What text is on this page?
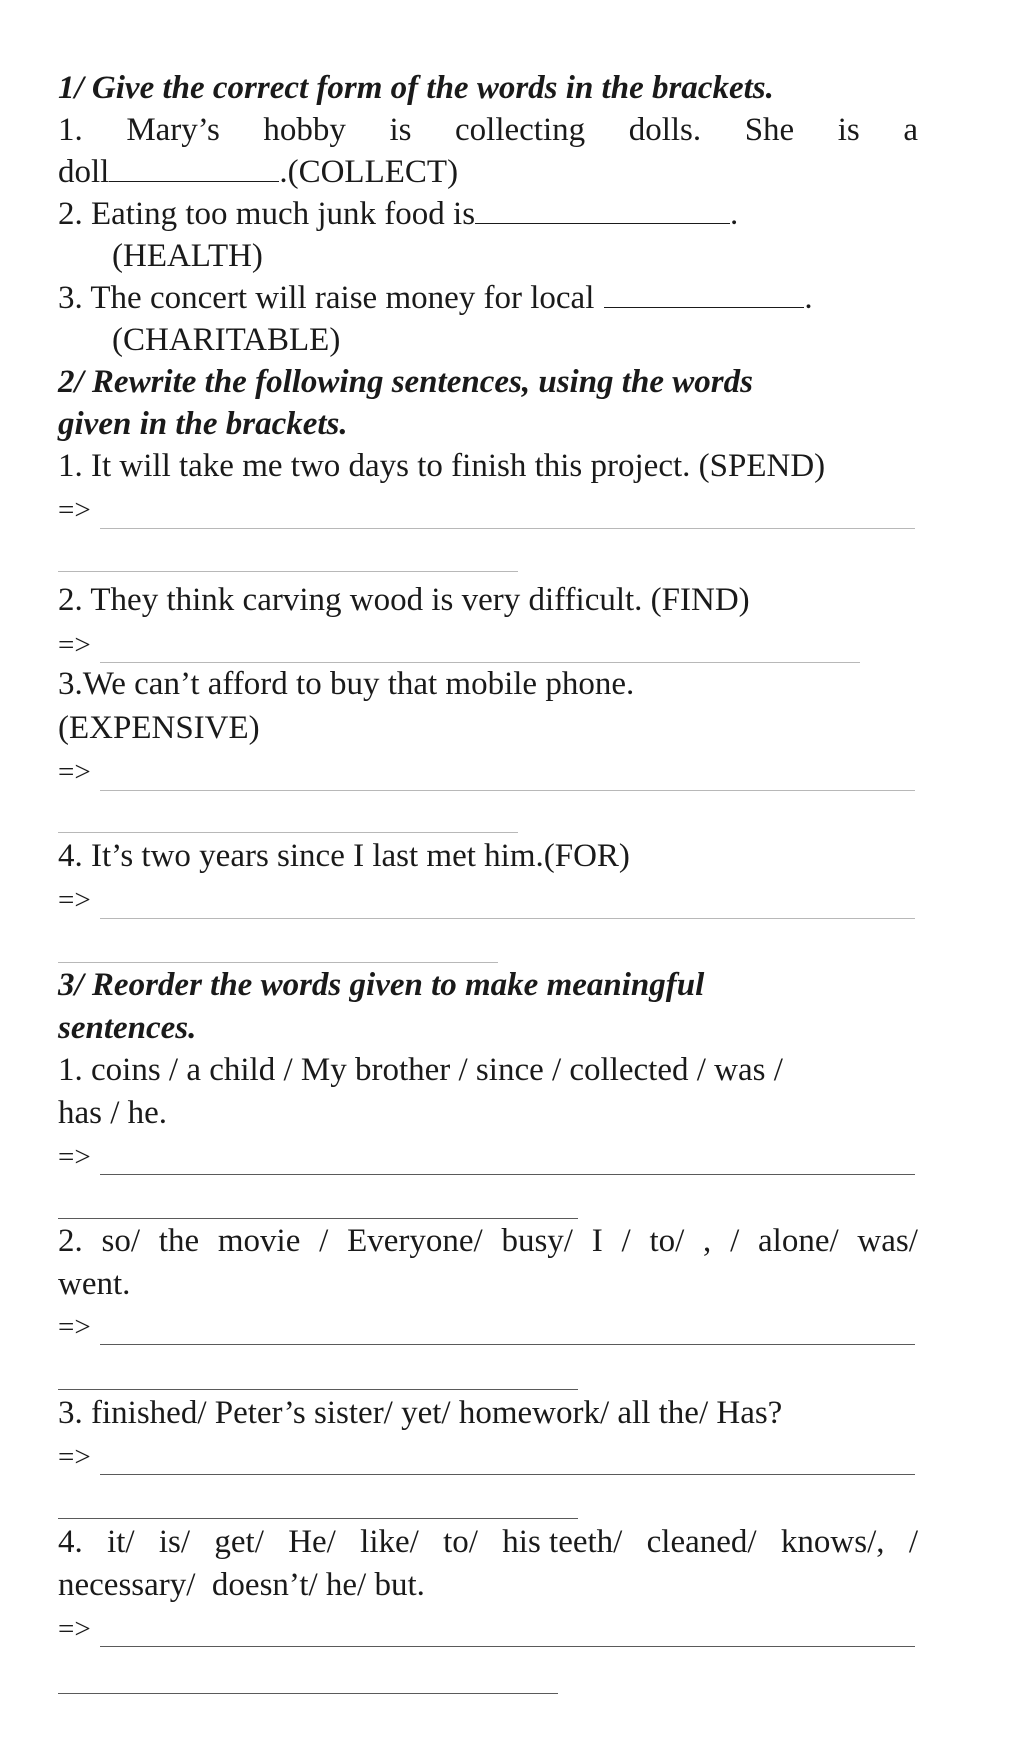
1/ Give the correct form of the words in the brackets.
1. Mary’s hobby is collecting dolls. She is a
doll	.(COLLECT)
2. Eating too much junk food is	.
(HEALTH)
3. The concert will raise money for local	.
(CHARITABLE)
2/ Rewrite the following sentences, using the words
given in the brackets.
1. It will take me two days to finish this project. (SPEND)
=>
2. They think carving wood is very difficult. (FIND)
=>
3.We can’t afford to buy that mobile phone.
(EXPENSIVE)
=>
4. It’s two years since I last met him.(FOR)
=>
3/ Reorder the words given to make meaningful
sentences.
1. coins / a child / My brother / since / collected / was /
has / he.
=>
2. so/ the movie / Everyone/ busy/ I / to/ , / alone/ was/
went.
=>
3. finished/ Peter’s sister/ yet/ homework/ all the/ Has?
=>
4. it/ is/ get/ He/ like/ to/ his teeth/ cleaned/ knows/, /
necessary/  doesn’t/ he/ but.
=>
